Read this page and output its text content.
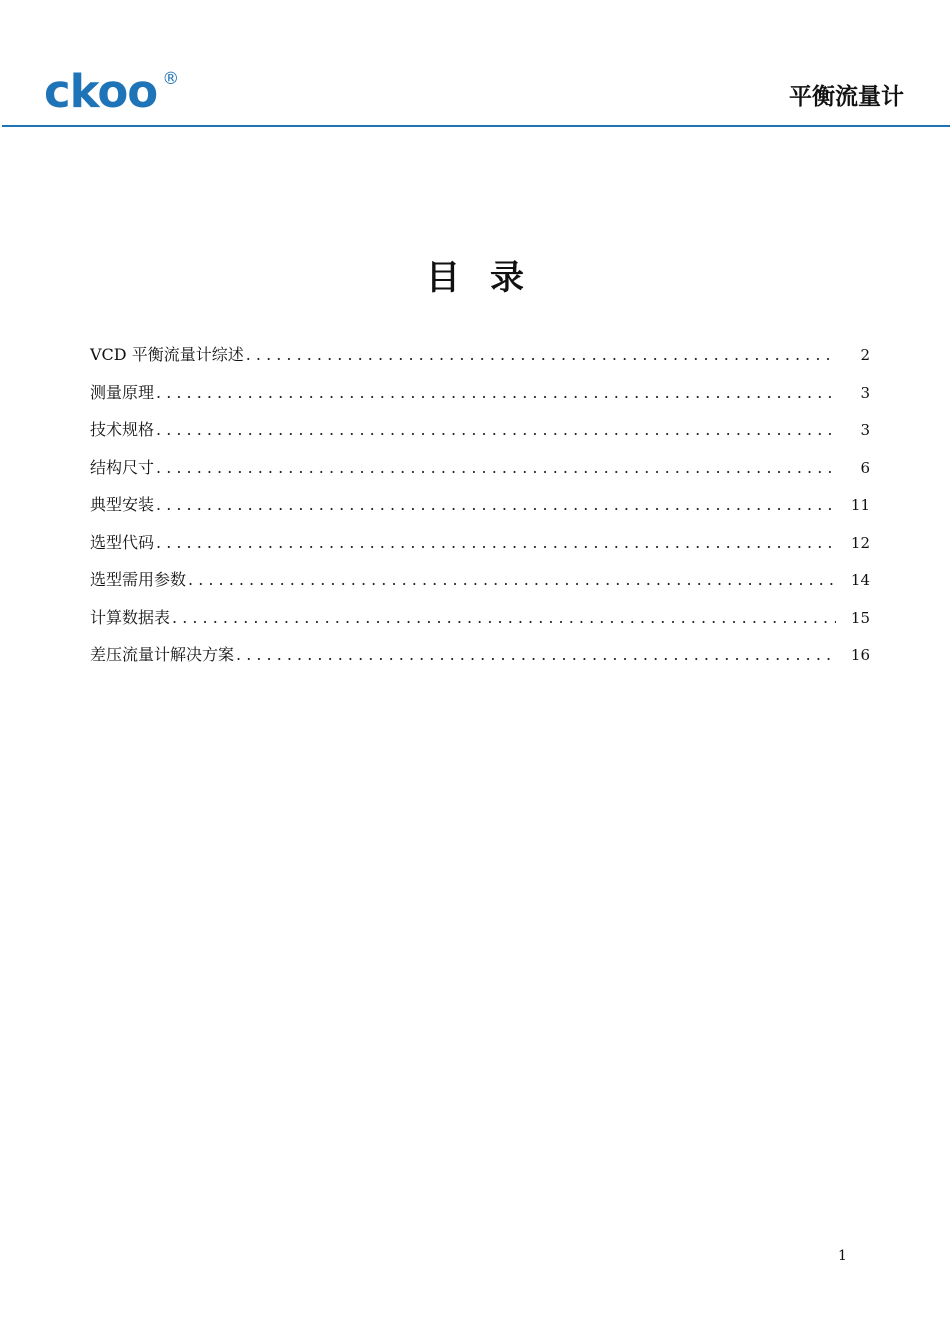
ckoo ®
平衡流量计
目 录
VCD 平衡流量计综述 . . .	2
测量原理 . . .	3
技术规格 . . .	3
结构尺寸 . . .	6
典型安装 . . .	11
选型代码 . . .	12
选型需用参数 . . .	14
计算数据表 . . .	15
差压流量计解决方案 . . .	16
1
